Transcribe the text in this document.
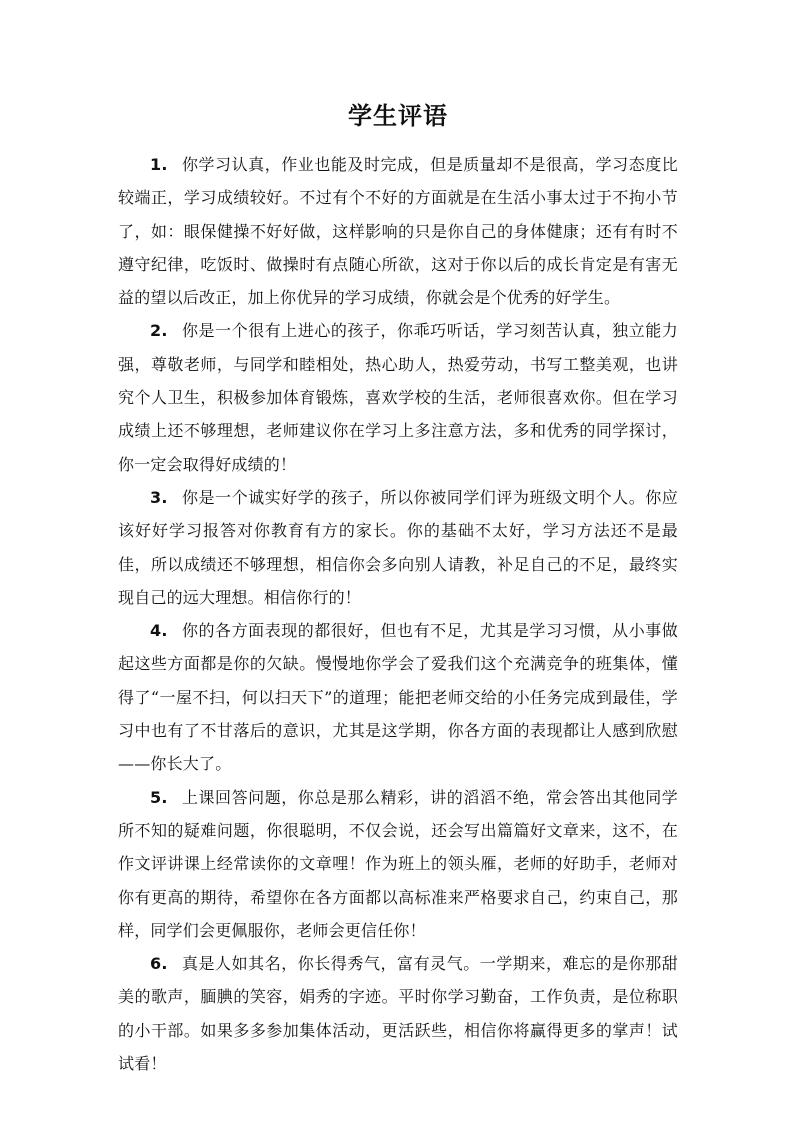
学生评语

1. 你学习认真，作业也能及时完成，但是质量却不是很高，学习态度比较端正，学习成绩较好。不过有个不好的方面就是在生活小事太过于不拘小节了，如：眼保健操不好好做，这样影响的只是你自己的身体健康；还有有时不遵守纪律，吃饭时、做操时有点随心所欲，这对于你以后的成长肯定是有害无益的望以后改正，加上你优异的学习成绩，你就会是个优秀的好学生。

2. 你是一个很有上进心的孩子，你乖巧听话，学习刻苦认真，独立能力强，尊敬老师，与同学和睦相处，热心助人，热爱劳动，书写工整美观，也讲究个人卫生，积极参加体育锻炼，喜欢学校的生活，老师很喜欢你。但在学习成绩上还不够理想，老师建议你在学习上多注意方法，多和优秀的同学探讨，你一定会取得好成绩的！

3. 你是一个诚实好学的孩子，所以你被同学们评为班级文明个人。你应该好好学习报答对你教育有方的家长。你的基础不太好，学习方法还不是最佳，所以成绩还不够理想，相信你会多向别人请教，补足自己的不足，最终实现自己的远大理想。相信你行的！

4. 你的各方面表现的都很好，但也有不足，尤其是学习习惯，从小事做起这些方面都是你的欠缺。慢慢地你学会了爱我们这个充满竞争的班集体，懂得了“一屋不扫，何以扫天下”的道理；能把老师交给的小任务完成到最佳，学习中也有了不甘落后的意识，尤其是这学期，你各方面的表现都让人感到欣慰——你长大了。

5. 上课回答问题，你总是那么精彩，讲的滔滔不绝，常会答出其他同学所不知的疑难问题，你很聪明，不仅会说，还会写出篇篇好文章来，这不，在作文评讲课上经常读你的文章哩！作为班上的领头雁，老师的好助手，老师对你有更高的期待，希望你在各方面都以高标准来严格要求自己，约束自己，那样，同学们会更佩服你，老师会更信任你！

6. 真是人如其名，你长得秀气，富有灵气。一学期来，难忘的是你那甜美的歌声，腼腆的笑容，娟秀的字迹。平时你学习勤奋，工作负责，是位称职的小干部。如果多多参加集体活动，更活跃些，相信你将赢得更多的掌声！试试看！
